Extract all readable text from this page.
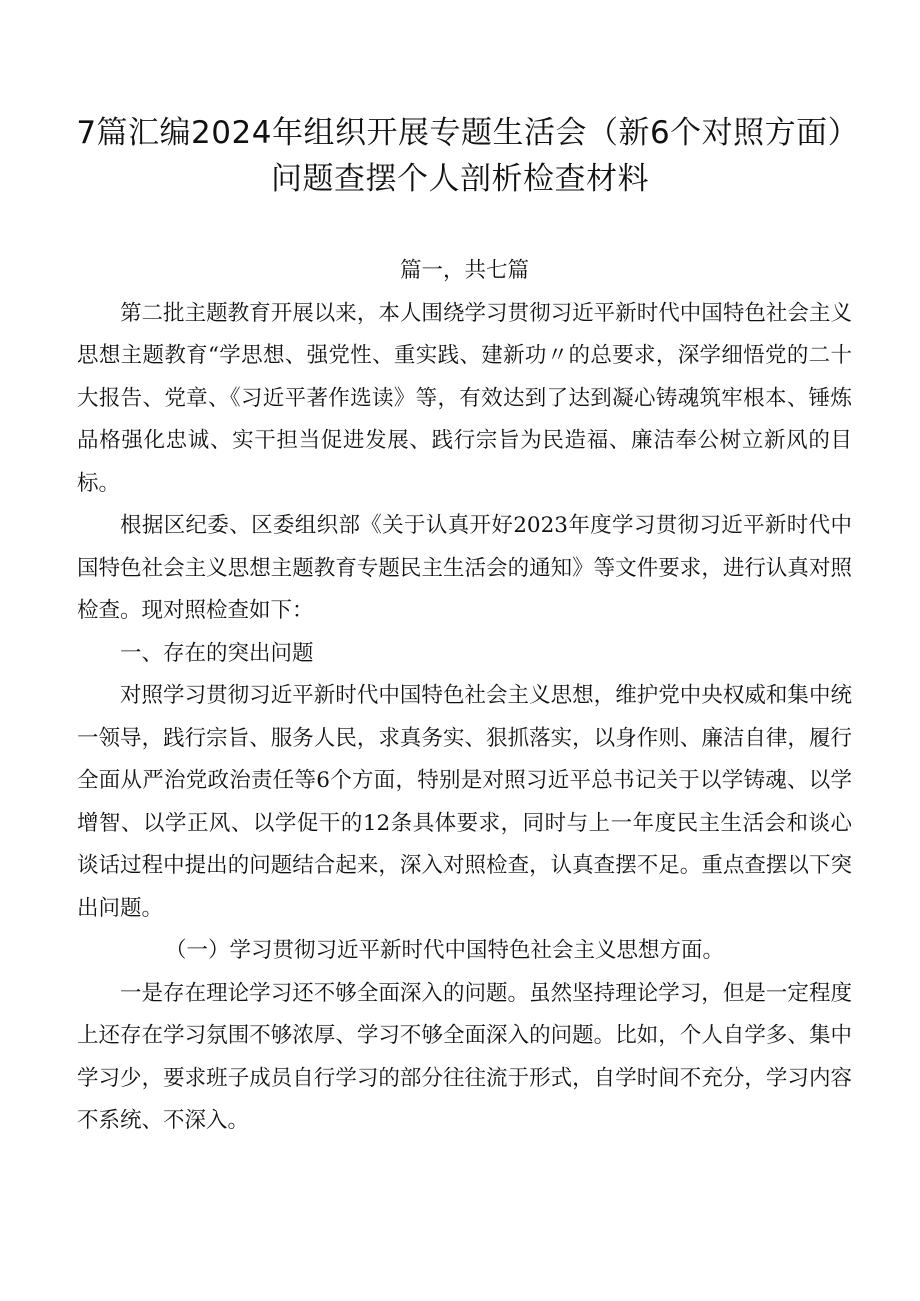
7篇汇编2024年组织开展专题生活会（新6个对照方面）问题查摆个人剖析检查材料

篇一，共七篇

第二批主题教育开展以来，本人围绕学习贯彻习近平新时代中国特色社会主义思想主题教育“学思想、强党性、重实践、建新功〃的总要求，深学细悟党的二十大报告、党章、《习近平著作选读》等，有效达到了达到凝心铸魂筑牢根本、锤炼品格强化忠诚、实干担当促进发展、践行宗旨为民造福、廉洁奉公树立新风的目标。

根据区纪委、区委组织部《关于认真开好2023年度学习贯彻习近平新时代中国特色社会主义思想主题教育专题民主生活会的通知》等文件要求，进行认真对照检查。现对照检查如下：

一、存在的突出问题

对照学习贯彻习近平新时代中国特色社会主义思想，维护党中央权威和集中统一领导，践行宗旨、服务人民，求真务实、狠抓落实，以身作则、廉洁自律，履行全面从严治党政治责任等6个方面，特别是对照习近平总书记关于以学铸魂、以学增智、以学正风、以学促干的12条具体要求，同时与上一年度民主生活会和谈心谈话过程中提出的问题结合起来，深入对照检查，认真查摆不足。重点查摆以下突出问题。

（一）学习贯彻习近平新时代中国特色社会主义思想方面。

一是存在理论学习还不够全面深入的问题。虽然坚持理论学习，但是一定程度上还存在学习氛围不够浓厚、学习不够全面深入的问题。比如，个人自学多、集中学习少，要求班子成员自行学习的部分往往流于形式，自学时间不充分，学习内容不系统、不深入。
